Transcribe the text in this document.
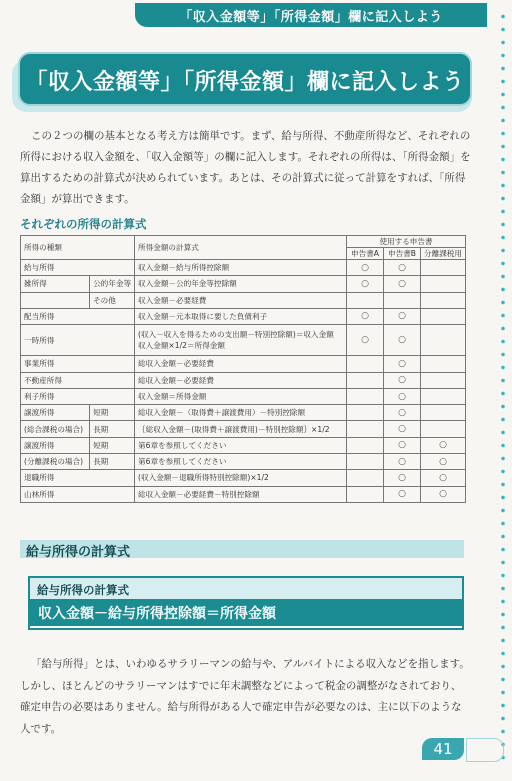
「収入金額等」「所得金額」欄に記入しよう
「収入金額等」「所得金額」欄に記入しよう

この２つの欄の基本となる考え方は簡単です。まず、給与所得、不動産所得など、それぞれの所得における収入金額を、「収入金額等」の欄に記入します。それぞれの所得は、「所得金額」を算出するための計算式が決められています。あとは、その計算式に従って計算をすれば、「所得金額」が算出できます。

それぞれの所得の計算式
所得の種類		所得金額の計算式	使用する申告書		
			申告書A	申告書B	分離課税用
給与所得		収入金額－給与所得控除額	○	○	
雑所得	公的年金等	収入金額－公的年金等控除額	○	○	
	その他	収入金額－必要経費			

配当所得		収入金額－元本取得に要した負債利子	○	○	
一時所得		(収入－収入を得るための支出額－特別控除額)＝収入金額
収入金額×1/2＝所得金額	○	○	
事業所得		総収入金額－必要経費		○	
不動産所得		総収入金額－必要経費		○	
利子所得		収入金額＝所得金額		○	
譲渡所得	短期	総収入金額－（取得費＋譲渡費用）－特別控除額		○	
(総合課税の場合)	長期	｛総収入金額－(取得費＋譲渡費用)－特別控除額｝×1/2		○	
譲渡所得	短期	第6章を参照してください		○	○
(分離課税の場合)	長期	第6章を参照してください		○	○
退職所得		(収入金額－退職所得特別控除額)×1/2		○	○
山林所得		総収入金額－必要経費－特別控除額		○	○
給与所得の計算式
給与所得の計算式
収入金額－給与所得控除額＝所得金額

「給与所得」とは、いわゆるサラリーマンの給与や、アルバイトによる収入などを指します。しかし、ほとんどのサラリーマンはすでに年末調整などによって税金の調整がなされており、確定申告の必要はありません。給与所得がある人で確定申告が必要なのは、主に以下のような人です。

41
